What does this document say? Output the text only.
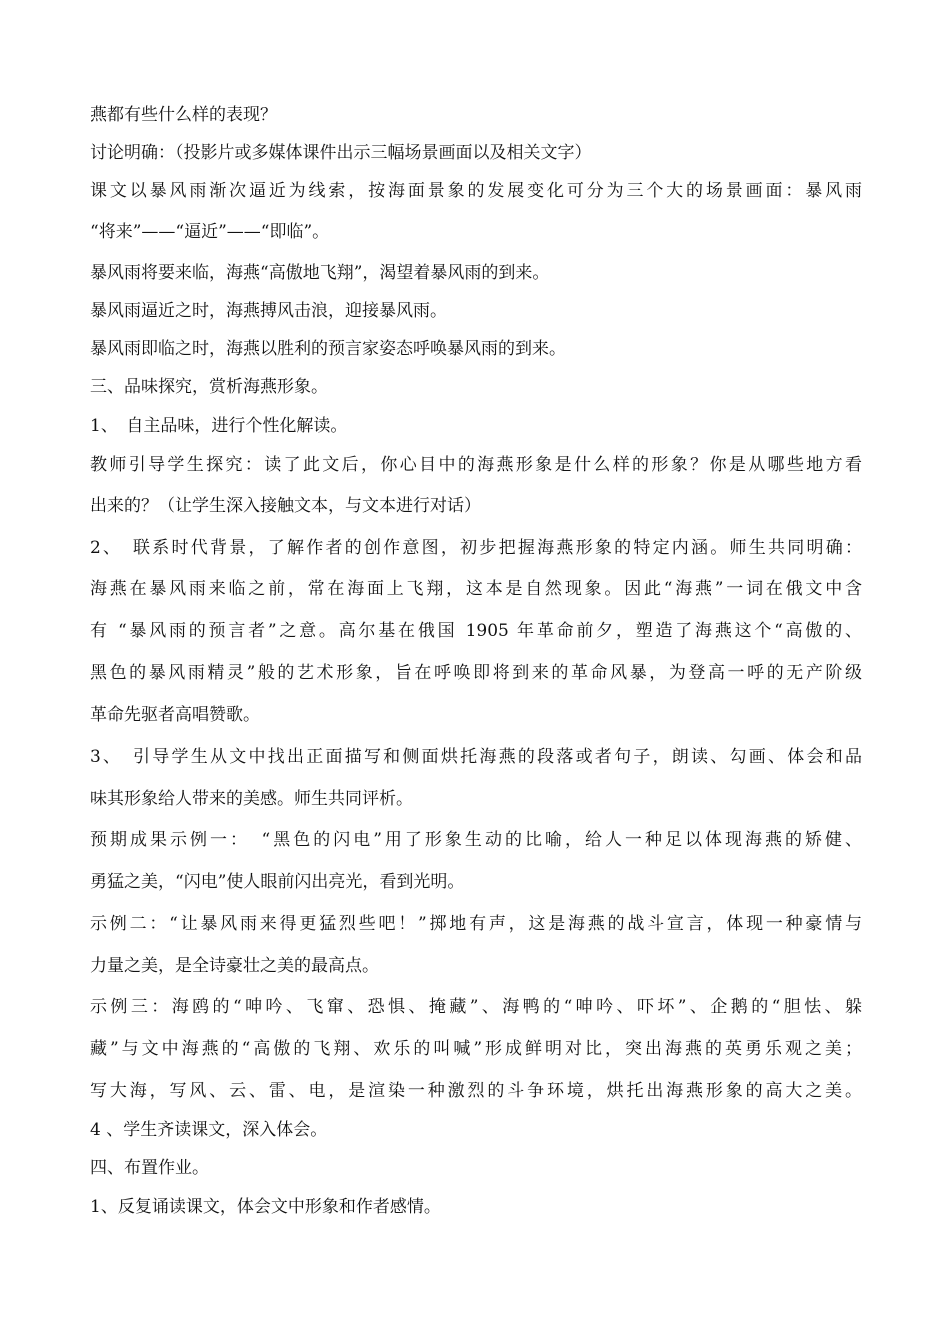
燕都有些什么样的表现？
讨论明确：（投影片或多媒体课件出示三幅场景画面以及相关文字）
课文以暴风雨渐次逼近为线索，按海面景象的发展变化可分为三个大的场景画面：暴风雨
“将来”——“逼近”——“即临”。
暴风雨将要来临，海燕“高傲地飞翔”，渴望着暴风雨的到来。
暴风雨逼近之时，海燕搏风击浪，迎接暴风雨。
暴风雨即临之时，海燕以胜利的预言家姿态呼唤暴风雨的到来。
三、品味探究，赏析海燕形象。
1、　自主品味，进行个性化解读。
教师引导学生探究：读了此文后，你心目中的海燕形象是什么样的形象？你是从哪些地方看
出来的？（让学生深入接触文本，与文本进行对话）
2、　联系时代背景，了解作者的创作意图，初步把握海燕形象的特定内涵。师生共同明确：
海燕在暴风雨来临之前，常在海面上飞翔，这本是自然现象。因此“海燕”一词在俄文中含
有 “暴风雨的预言者”之意。高尔基在俄国 1905 年革命前夕，塑造了海燕这个“高傲的、
黑色的暴风雨精灵”般的艺术形象，旨在呼唤即将到来的革命风暴，为登高一呼的无产阶级
革命先驱者高唱赞歌。
3、　引导学生从文中找出正面描写和侧面烘托海燕的段落或者句子，朗读、勾画、体会和品
味其形象给人带来的美感。师生共同评析。
预期成果示例一：　“黑色的闪电”用了形象生动的比喻，给人一种足以体现海燕的矫健、
勇猛之美，“闪电”使人眼前闪出亮光，看到光明。
示例二：“让暴风雨来得更猛烈些吧！”掷地有声，这是海燕的战斗宣言，体现一种豪情与
力量之美，是全诗豪壮之美的最高点。
示例三：海鸥的“呻吟、飞窜、恐惧、掩藏”、海鸭的“呻吟、吓坏”、企鹅的“胆怯、躲
藏”与文中海燕的“高傲的飞翔、欢乐的叫喊”形成鲜明对比，突出海燕的英勇乐观之美；
写大海，写风、云、雷、电，是渲染一种激烈的斗争环境，烘托出海燕形象的高大之美。
4 、学生齐读课文，深入体会。
四、布置作业。
1、反复诵读课文，体会文中形象和作者感情。
